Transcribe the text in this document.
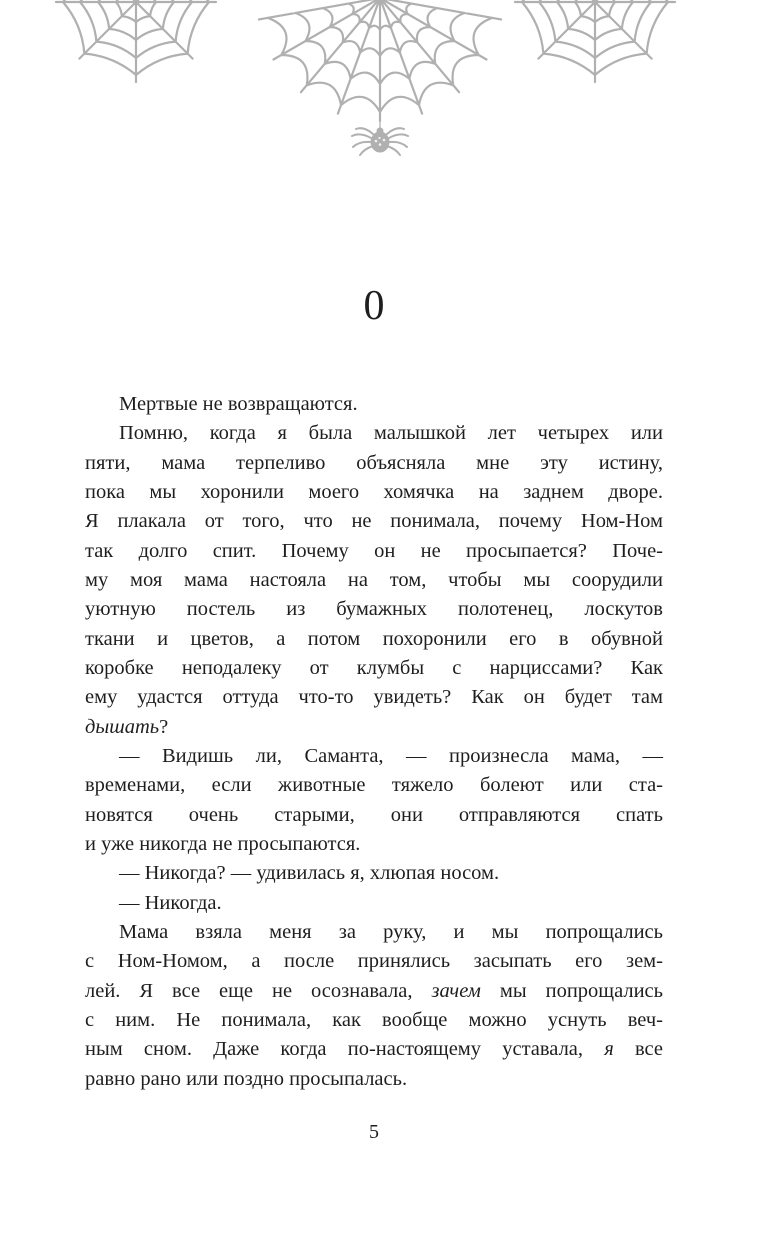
0
Мертвые не возвращаются.
Помню, когда я была малышкой лет четырех или
пяти, мама терпеливо объясняла мне эту истину,
пока мы хоронили моего хомячка на заднем дворе.
Я плакала от того, что не понимала, почему Ном-Ном
так долго спит. Почему он не просыпается? Поче-
му моя мама настояла на том, чтобы мы соорудили
уютную постель из бумажных полотенец, лоскутов
ткани и цветов, а потом похоронили его в обувной
коробке неподалеку от клумбы с нарциссами? Как
ему удастся оттуда что-то увидеть? Как он будет там
дышать?
— Видишь ли, Саманта, — произнесла мама, —
временами, если животные тяжело болеют или ста-
новятся очень старыми, они отправляются спать
и уже никогда не просыпаются.
— Никогда? — удивилась я, хлюпая носом.
— Никогда.
Мама взяла меня за руку, и мы попрощались
с Ном-Номом, а после принялись засыпать его зем-
лей. Я все еще не осознавала, зачем мы попрощались
с ним. Не понимала, как вообще можно уснуть веч-
ным сном. Даже когда по-настоящему уставала, я все
равно рано или поздно просыпалась.
5
